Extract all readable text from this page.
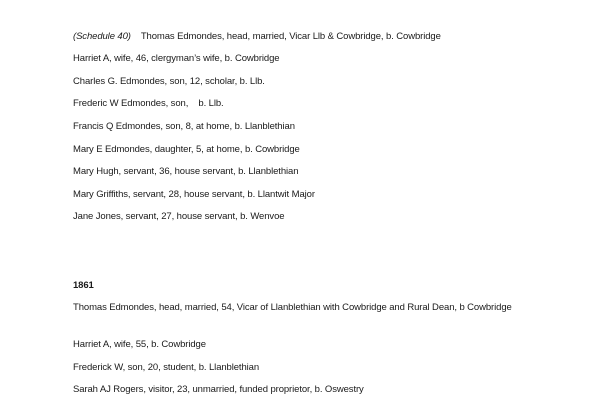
(Schedule 40) Thomas Edmondes, head, married, Vicar Llb & Cowbridge, b. Cowbridge
Harriet A, wife, 46, clergyman’s wife, b. Cowbridge
Charles G. Edmondes, son, 12, scholar, b. Llb.
Frederic W Edmondes, son,    b. Llb.
Francis Q Edmondes, son, 8, at home, b. Llanblethian
Mary E Edmondes, daughter, 5, at home, b. Cowbridge
Mary Hugh, servant, 36, house servant, b. Llanblethian
Mary Griffiths, servant, 28, house servant, b. Llantwit Major
Jane Jones, servant, 27, house servant, b. Wenvoe
1861
Thomas Edmondes, head, married, 54, Vicar of Llanblethian with Cowbridge and Rural Dean, b Cowbridge
Harriet A, wife, 55, b. Cowbridge
Frederick W, son, 20, student, b. Llanblethian
Sarah AJ Rogers, visitor, 23, unmarried, funded proprietor, b. Oswestry
